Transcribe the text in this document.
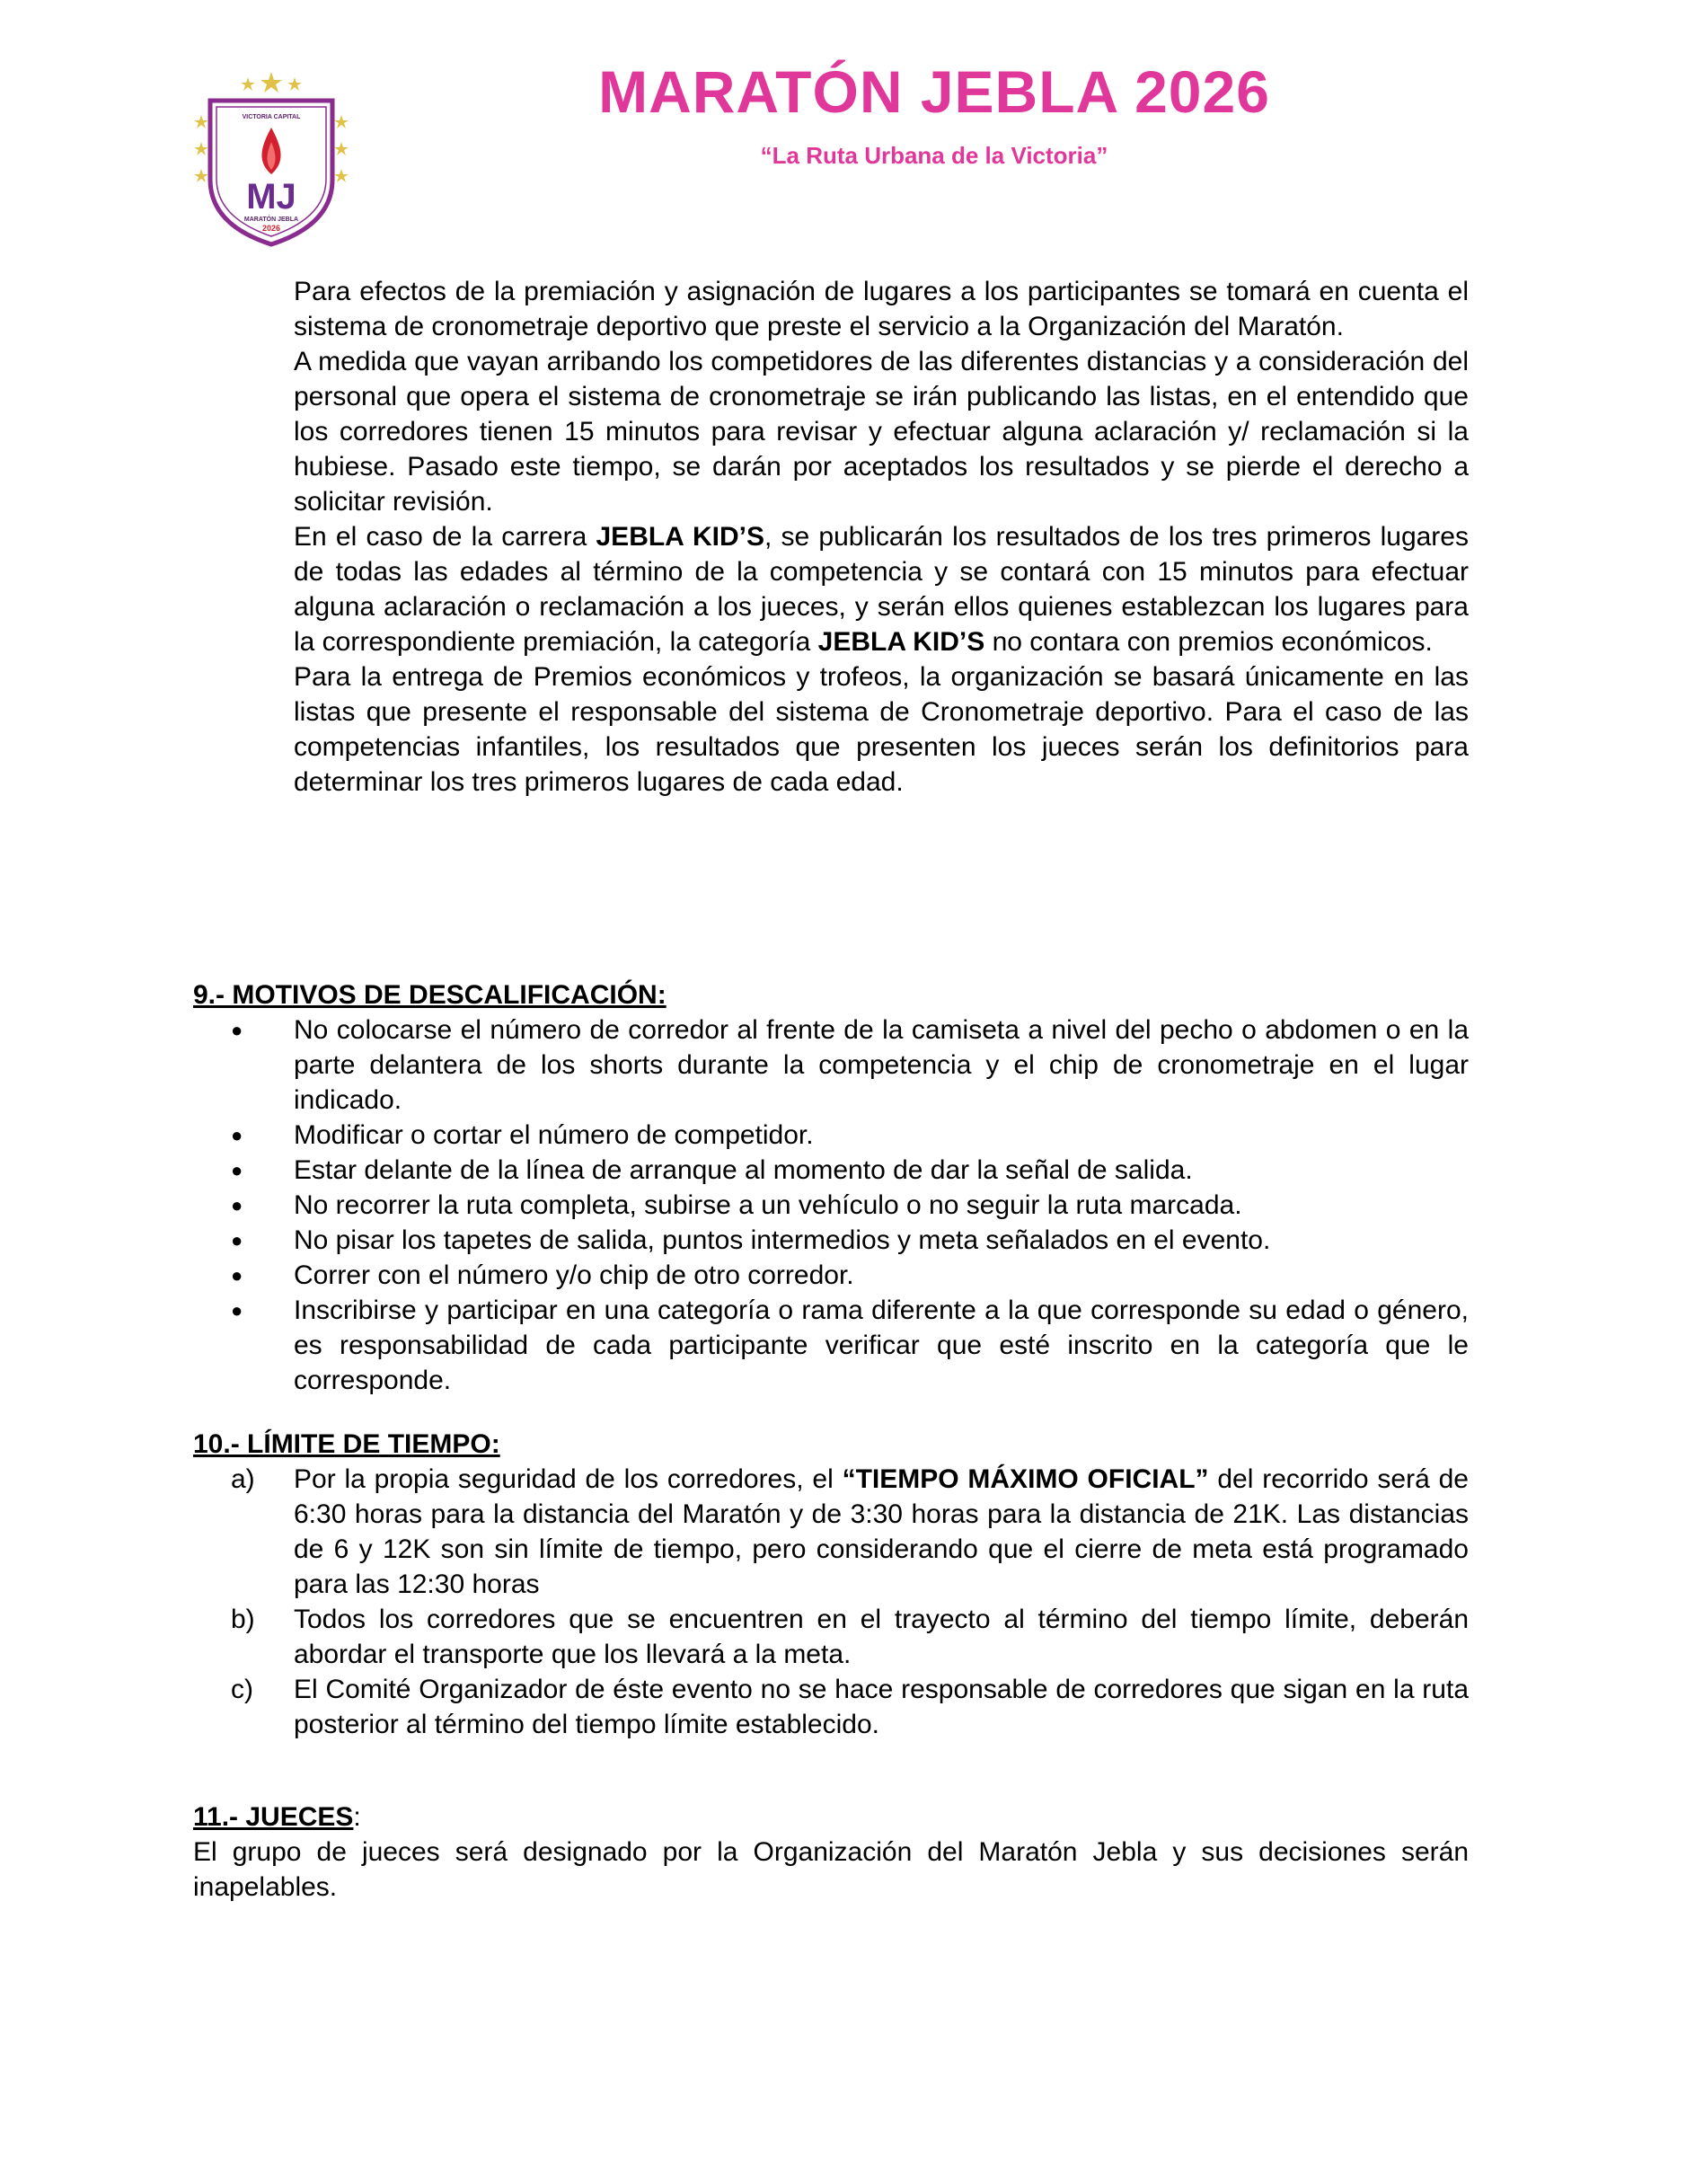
VICTORIA CAPITAL
MJ
MARATÓN JEBLA
2026
MARATÓN JEBLA 2026
“La Ruta Urbana de la Victoria”

Para efectos de la premiación y asignación de lugares a los participantes se tomará en cuenta el sistema de cronometraje deportivo que preste el servicio a la Organización del Maratón.

A medida que vayan arribando los competidores de las diferentes distancias y a consideración del personal que opera el sistema de cronometraje se irán publicando las listas, en el entendido que los corredores tienen 15 minutos para revisar y efectuar alguna aclaración y/ reclamación si la hubiese. Pasado este tiempo, se darán por aceptados los resultados y se pierde el derecho a solicitar revisión.

En el caso de la carrera JEBLA KID’S, se publicarán los resultados de los tres primeros lugares de todas las edades al término de la competencia y se contará con 15 minutos para efectuar alguna aclaración o reclamación a los jueces, y serán ellos quienes establezcan los lugares para la correspondiente premiación, la categoría JEBLA KID’S no contara con premios económicos.

Para la entrega de Premios económicos y trofeos, la organización se basará únicamente en las listas que presente el responsable del sistema de Cronometraje deportivo. Para el caso de las competencias infantiles, los resultados que presenten los jueces serán los definitorios para determinar los tres primeros lugares de cada edad.

9.- MOTIVOS DE DESCALIFICACIÓN:
●	No colocarse el número de corredor al frente de la camiseta a nivel del pecho o abdomen o en la parte delantera de los shorts durante la competencia y el chip de cronometraje en el lugar indicado.
●	Modificar o cortar el número de competidor.
●	Estar delante de la línea de arranque al momento de dar la señal de salida.
●	No recorrer la ruta completa, subirse a un vehículo o no seguir la ruta marcada.
●	No pisar los tapetes de salida, puntos intermedios y meta señalados en el evento.
●	Correr con el número y/o chip de otro corredor.
●	Inscribirse y participar en una categoría o rama diferente a la que corresponde su edad o género, es responsabilidad de cada participante verificar que esté inscrito en la categoría que le corresponde.
10.- LÍMITE DE TIEMPO:
a)	Por la propia seguridad de los corredores, el “TIEMPO MÁXIMO OFICIAL” del recorrido será de 6:30 horas para la distancia del Maratón y de 3:30 horas para la distancia de 21K. Las distancias de 6 y 12K son sin límite de tiempo, pero considerando que el cierre de meta está programado para las 12:30 horas
b)	Todos los corredores que se encuentren en el trayecto al término del tiempo límite, deberán abordar el transporte que los llevará a la meta.
c)	El Comité Organizador de éste evento no se hace responsable de corredores que sigan en la ruta posterior al término del tiempo límite establecido.
11.- JUECES:
El grupo de jueces será designado por la Organización del Maratón Jebla y sus decisiones serán inapelables.
